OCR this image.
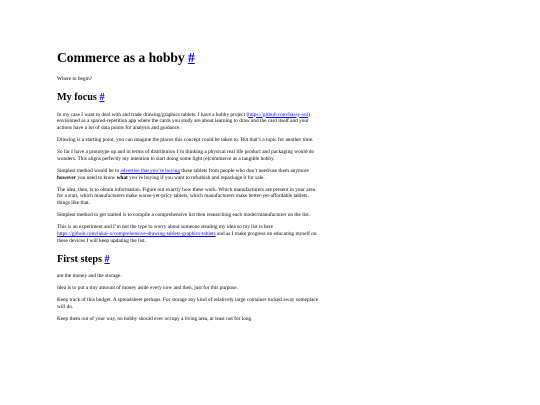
Commerce as a hobby #

Where to begin?

My focus #

In my case I want to deal with and trade drawing/graphics tablets. I have a hobby project (https://github.com/bassy-sol) envisioned as a spaced-repetition app where the cards you study are about learning to draw and the card itself and your actions have a lot of data points for analysis and guidance.

Drawing is a starting point, you can imagine the places this concept could be taken to. But that’s a topic for another time.

So far I have a prototype up and in terms of distribution I’m thinking a physical real life product and packaging would do wonders. This aligns perfectly my intention to start doing some light (e)commerce as a tangible hobby.

Simplest method would be to advertise that you’re buying these tablets from people who don’t need/use them anymore however you need to know what you’re buying if you want to refurbish and repackage it for sale.

The idea, then, is to obtain information. Figure out exactly how these work. Which manufacturers are present in your area for a start, which manufacturers make worse-yet-pricy tablets, which manufacturers make better-yet-affordable tablets, things like that.

Simplest method to get started is to compile a comprehensive list then researching each model/manufacturer on the list.

This is an experiment and I’m not the type to worry about someone stealing my idea so my list is here https://github.com/lukal-x/comprehensive-drawing-tablets-graphics-tablets and as I make progress on educating myself on these devices I will keep updating the list.

First steps #

are the money and the storage.

Idea is to put a tiny amount of money aside every now and then, just for this purpose.

Keep track of this budget. A spreadsheet perhaps. For storage any kind of relatively large container tucked away someplace will do.

Keep them out of your way, no hobby should ever occupy a living area, at least not for long.
